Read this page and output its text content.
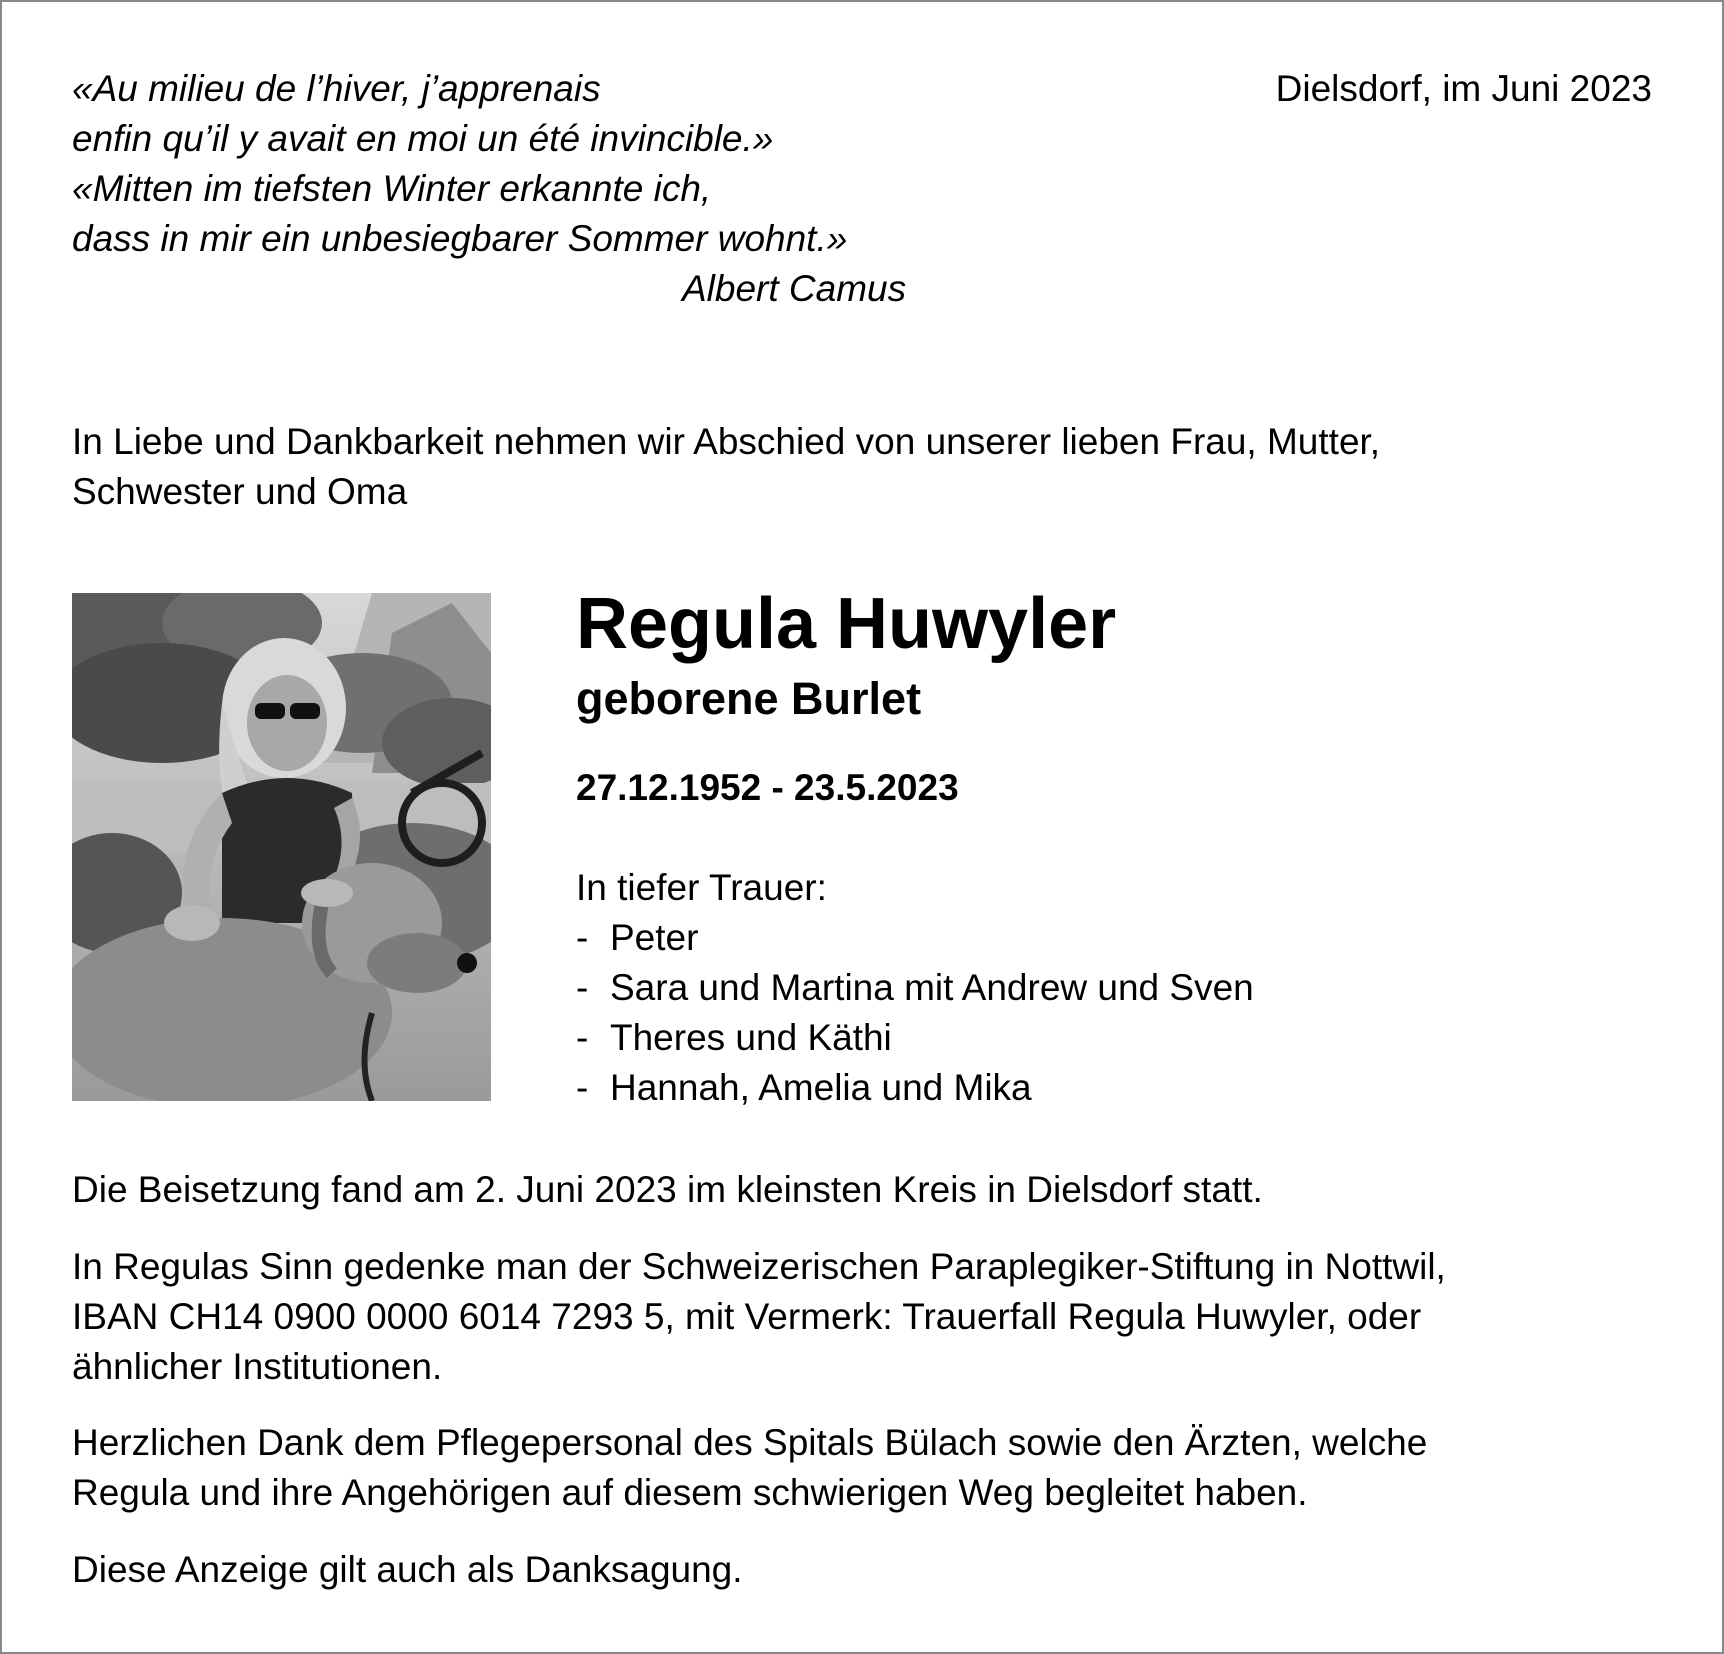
«Au milieu de l’hiver, j’apprenais
enfin qu’il y avait en moi un été invincible.»
«Mitten im tiefsten Winter erkannte ich,
dass in mir ein unbesiegbarer Sommer wohnt.»
Albert Camus
Dielsdorf, im Juni 2023
In Liebe und Dankbarkeit nehmen wir Abschied von unserer lieben Frau, Mutter,
Schwester und Oma
Regula Huwyler
geborene Burlet
27.12.1952 - 23.5.2023
In tiefer Trauer:
- Peter
- Sara und Martina mit Andrew und Sven
- Theres und Käthi
- Hannah, Amelia und Mika
Die Beisetzung fand am 2. Juni 2023 im kleinsten Kreis in Dielsdorf statt.
In Regulas Sinn gedenke man der Schweizerischen Paraplegiker-Stiftung in Nottwil,
IBAN CH14 0900 0000 6014 7293 5, mit Vermerk: Trauerfall Regula Huwyler, oder
ähnlicher Institutionen.
Herzlichen Dank dem Pflegepersonal des Spitals Bülach sowie den Ärzten, welche
Regula und ihre Angehörigen auf diesem schwierigen Weg begleitet haben.
Diese Anzeige gilt auch als Danksagung.
